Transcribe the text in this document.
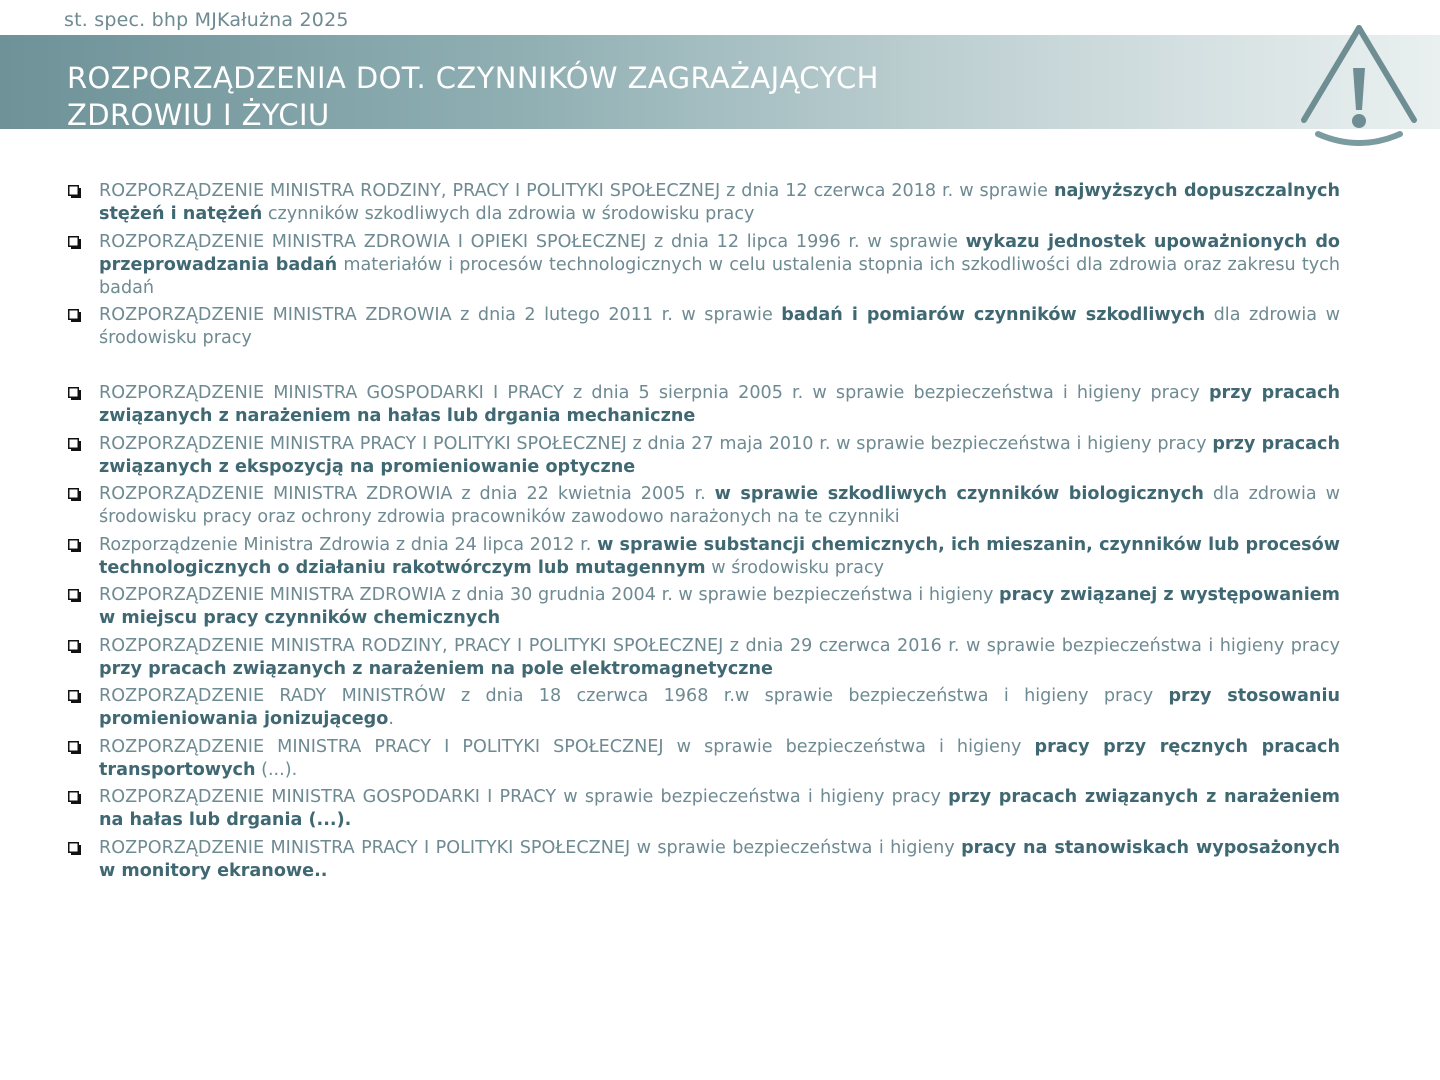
st. spec. bhp MJKałużna 2025
ROZPORZĄDZENIA DOT. CZYNNIKÓW ZAGRAŻAJĄCYCH
ZDROWIU I ŻYCIU
ROZPORZĄDZENIE MINISTRA RODZINY, PRACY I POLITYKI SPOŁECZNEJ z dnia 12 czerwca 2018 r. w sprawie najwyższych dopuszczalnych stężeń i natężeń czynników szkodliwych dla zdrowia w środowisku pracy
ROZPORZĄDZENIE MINISTRA ZDROWIA I OPIEKI SPOŁECZNEJ z dnia 12 lipca 1996 r. w sprawie wykazu jednostek upoważnionych do przeprowadzania badań materiałów i procesów technologicznych w celu ustalenia stopnia ich szkodliwości dla zdrowia oraz zakresu tych badań
ROZPORZĄDZENIE MINISTRA ZDROWIA z dnia 2 lutego 2011 r. w sprawie badań i pomiarów czynników szkodliwych dla zdrowia w środowisku pracy
ROZPORZĄDZENIE MINISTRA GOSPODARKI I PRACY z dnia 5 sierpnia 2005 r. w sprawie bezpieczeństwa i higieny pracy przy pracach związanych z narażeniem na hałas lub drgania mechaniczne
ROZPORZĄDZENIE MINISTRA PRACY I POLITYKI SPOŁECZNEJ z dnia 27 maja 2010 r. w sprawie bezpieczeństwa i higieny pracy przy pracach związanych z ekspozycją na promieniowanie optyczne
ROZPORZĄDZENIE MINISTRA ZDROWIA z dnia 22 kwietnia 2005 r. w sprawie szkodliwych czynników biologicznych dla zdrowia w środowisku pracy oraz ochrony zdrowia pracowników zawodowo narażonych na te czynniki
Rozporządzenie Ministra Zdrowia z dnia 24 lipca 2012 r. w sprawie substancji chemicznych, ich mieszanin, czynników lub procesów technologicznych o działaniu rakotwórczym lub mutagennym w środowisku pracy
ROZPORZĄDZENIE MINISTRA ZDROWIA z dnia 30 grudnia 2004 r. w sprawie bezpieczeństwa i higieny pracy związanej z występowaniem w miejscu pracy czynników chemicznych
ROZPORZĄDZENIE MINISTRA RODZINY, PRACY I POLITYKI SPOŁECZNEJ z dnia 29 czerwca 2016 r. w sprawie bezpieczeństwa i higieny pracy przy pracach związanych z narażeniem na pole elektromagnetyczne
ROZPORZĄDZENIE RADY MINISTRÓW z dnia 18 czerwca 1968 r.w sprawie bezpieczeństwa i higieny pracy przy stosowaniu promieniowania jonizującego.
ROZPORZĄDZENIE MINISTRA PRACY I POLITYKI SPOŁECZNEJ w sprawie bezpieczeństwa i higieny pracy przy ręcznych pracach transportowych (...).
ROZPORZĄDZENIE MINISTRA GOSPODARKI I PRACY w sprawie bezpieczeństwa i higieny pracy przy pracach związanych z narażeniem na hałas lub drgania (...).
ROZPORZĄDZENIE MINISTRA PRACY I POLITYKI SPOŁECZNEJ w sprawie bezpieczeństwa i higieny pracy na stanowiskach wyposażonych w monitory ekranowe..
